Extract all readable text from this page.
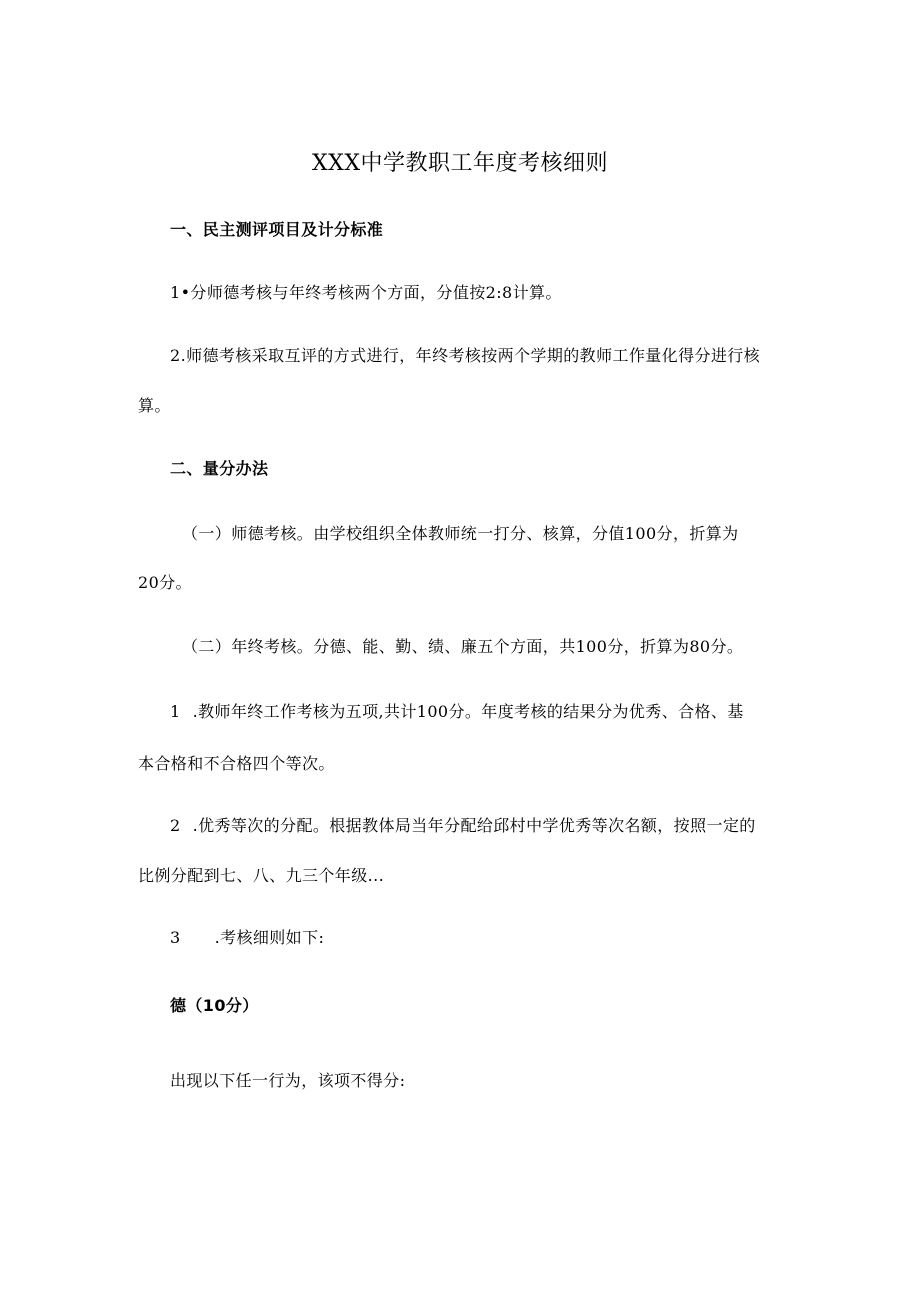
XXX中学教职工年度考核细则
一、民主测评项目及计分标准
1•分师德考核与年终考核两个方面，分值按2:8计算。
2.师德考核采取互评的方式进行，年终考核按两个学期的教师工作量化得分进行核
算。
二、量分办法
（一）师德考核。由学校组织全体教师统一打分、核算，分值100分，折算为
20分。
（二）年终考核。分德、能、勤、绩、廉五个方面，共100分，折算为80分。
1 .教师年终工作考核为五项,共计100分。年度考核的结果分为优秀、合格、基
本合格和不合格四个等次。
2 .优秀等次的分配。根据教体局当年分配给邱村中学优秀等次名额，按照一定的
比例分配到七、八、九三个年级...
3 .考核细则如下:
德（10分）
出现以下任一行为，该项不得分:
